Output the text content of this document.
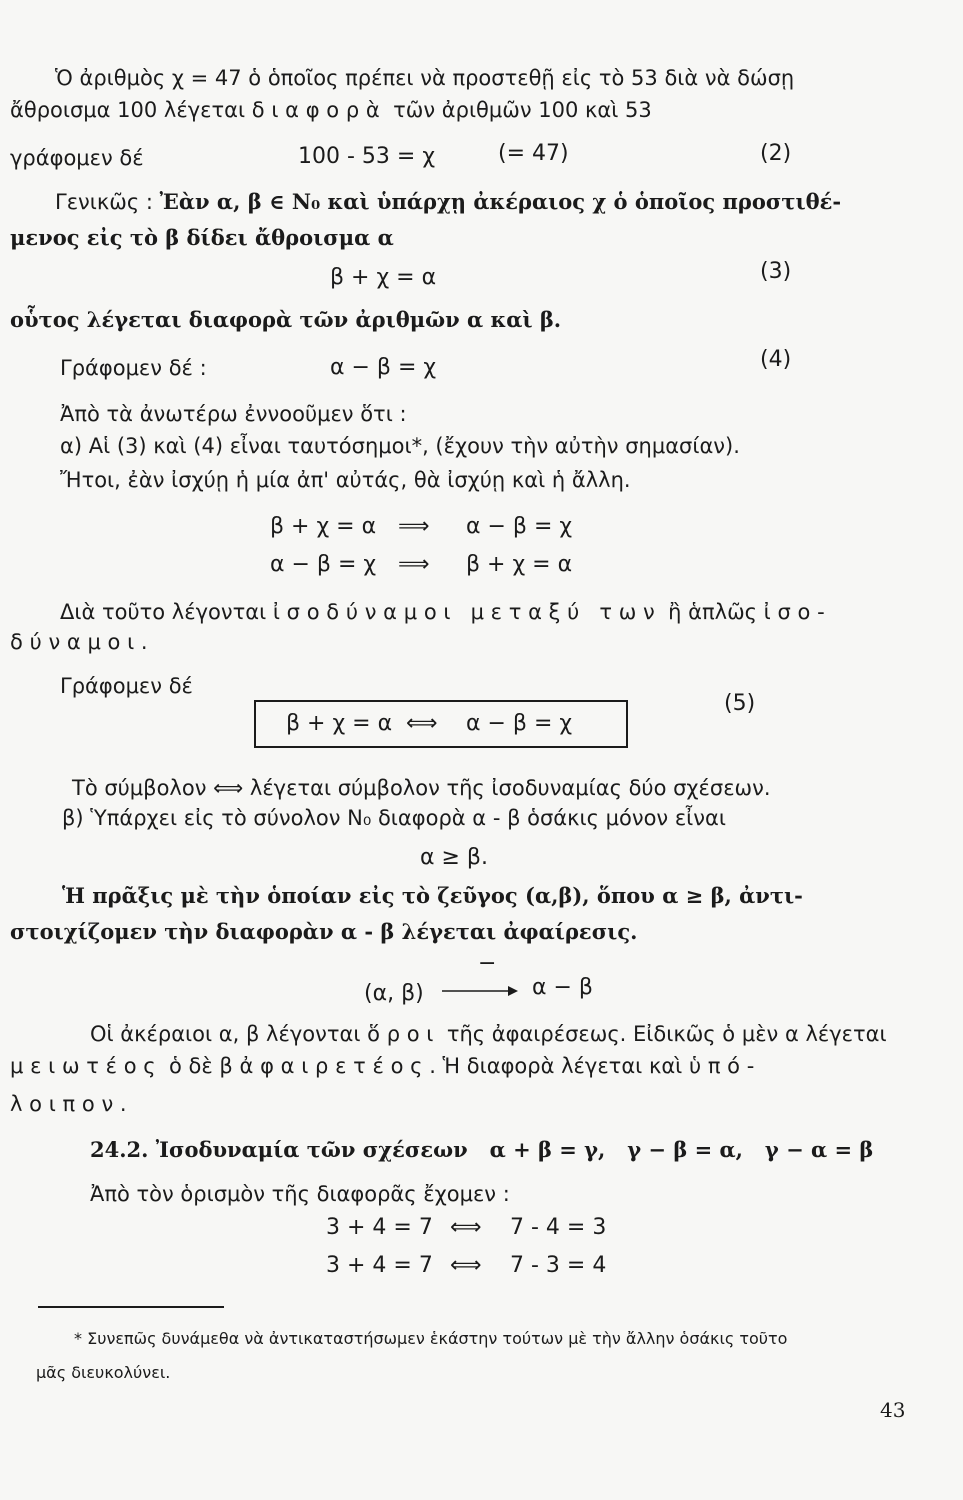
Ὁ ἀριθμὸς χ = 47 ὁ ὁποῖος πρέπει νὰ προστεθῇ εἰς τὸ 53 διὰ νὰ δώσῃ
ἄθροισμα 100 λέγεται διαφορὰ τῶν ἀριθμῶν 100 καὶ 53
γράφομεν δέ	100 - 53 = χ	(= 47)	(2)
Γενικῶς : Ἐὰν α, β ∈ N₀ καὶ ὑπάρχῃ ἀκέραιος χ ὁ ὁποῖος προστιθέ-
μενος εἰς τὸ β δίδει ἄθροισμα α
β + χ = α	(3)
οὗτος λέγεται διαφορὰ τῶν ἀριθμῶν α καὶ β.
Γράφομεν δέ :	α − β = χ	(4)
Ἀπὸ τὰ ἀνωτέρω ἐννοοῦμεν ὅτι :
α) Αἱ (3) καὶ (4) εἶναι ταυτόσημοι*, (ἔχουν τὴν αὐτὴν σημασίαν).
Ἤτοι, ἐὰν ἰσχύῃ ἡ μία ἀπ' αὐτάς, θὰ ἰσχύῃ καὶ ἡ ἄλλη.
β + χ = α ⟹ α − β = χ
α − β = χ ⟹ β + χ = α
Διὰ τοῦτο λέγονται ἰσοδύναμοι μεταξύ των ἢ ἁπλῶς ἰσο-
δύναμοι.
Γράφομεν δέ
β + χ = α ⟺ α − β = χ
(5)
Τὸ σύμβολον ⟺ λέγεται σύμβολον τῆς ἰσοδυναμίας δύο σχέσεων.
β) Ὑπάρχει εἰς τὸ σύνολον N₀ διαφορὰ α - β ὁσάκις μόνον εἶναι
α ≥ β.
Ἡ πρᾶξις μὲ τὴν ὁποίαν εἰς τὸ ζεῦγος (α,β), ὅπου α ≥ β, ἀντι-
στοιχίζομεν τὴν διαφορὰν α - β λέγεται ἀφαίρεσις.
(α, β)
−
α − β
Οἱ ἀκέραιοι α, β λέγονται ὅροι τῆς ἀφαιρέσεως. Εἰδικῶς ὁ μὲν α λέγεται
μειωτέος ὁ δὲ β ἀφαιρετέος. Ἡ διαφορὰ λέγεται καὶ ὑπό-
λοιπον.
24.2. Ἰσοδυναμία τῶν σχέσεων   α + β = γ,   γ − β = α,   γ − α = β
Ἀπὸ τὸν ὁρισμὸν τῆς διαφορᾶς ἔχομεν :
3 + 4 = 7 ⟺ 7 - 4 = 3
3 + 4 = 7 ⟺ 7 - 3 = 4
* Συνεπῶς δυνάμεθα νὰ ἀντικαταστήσωμεν ἑκάστην τούτων μὲ τὴν ἄλλην ὁσάκις τοῦτο
μᾶς διευκολύνει.
43
